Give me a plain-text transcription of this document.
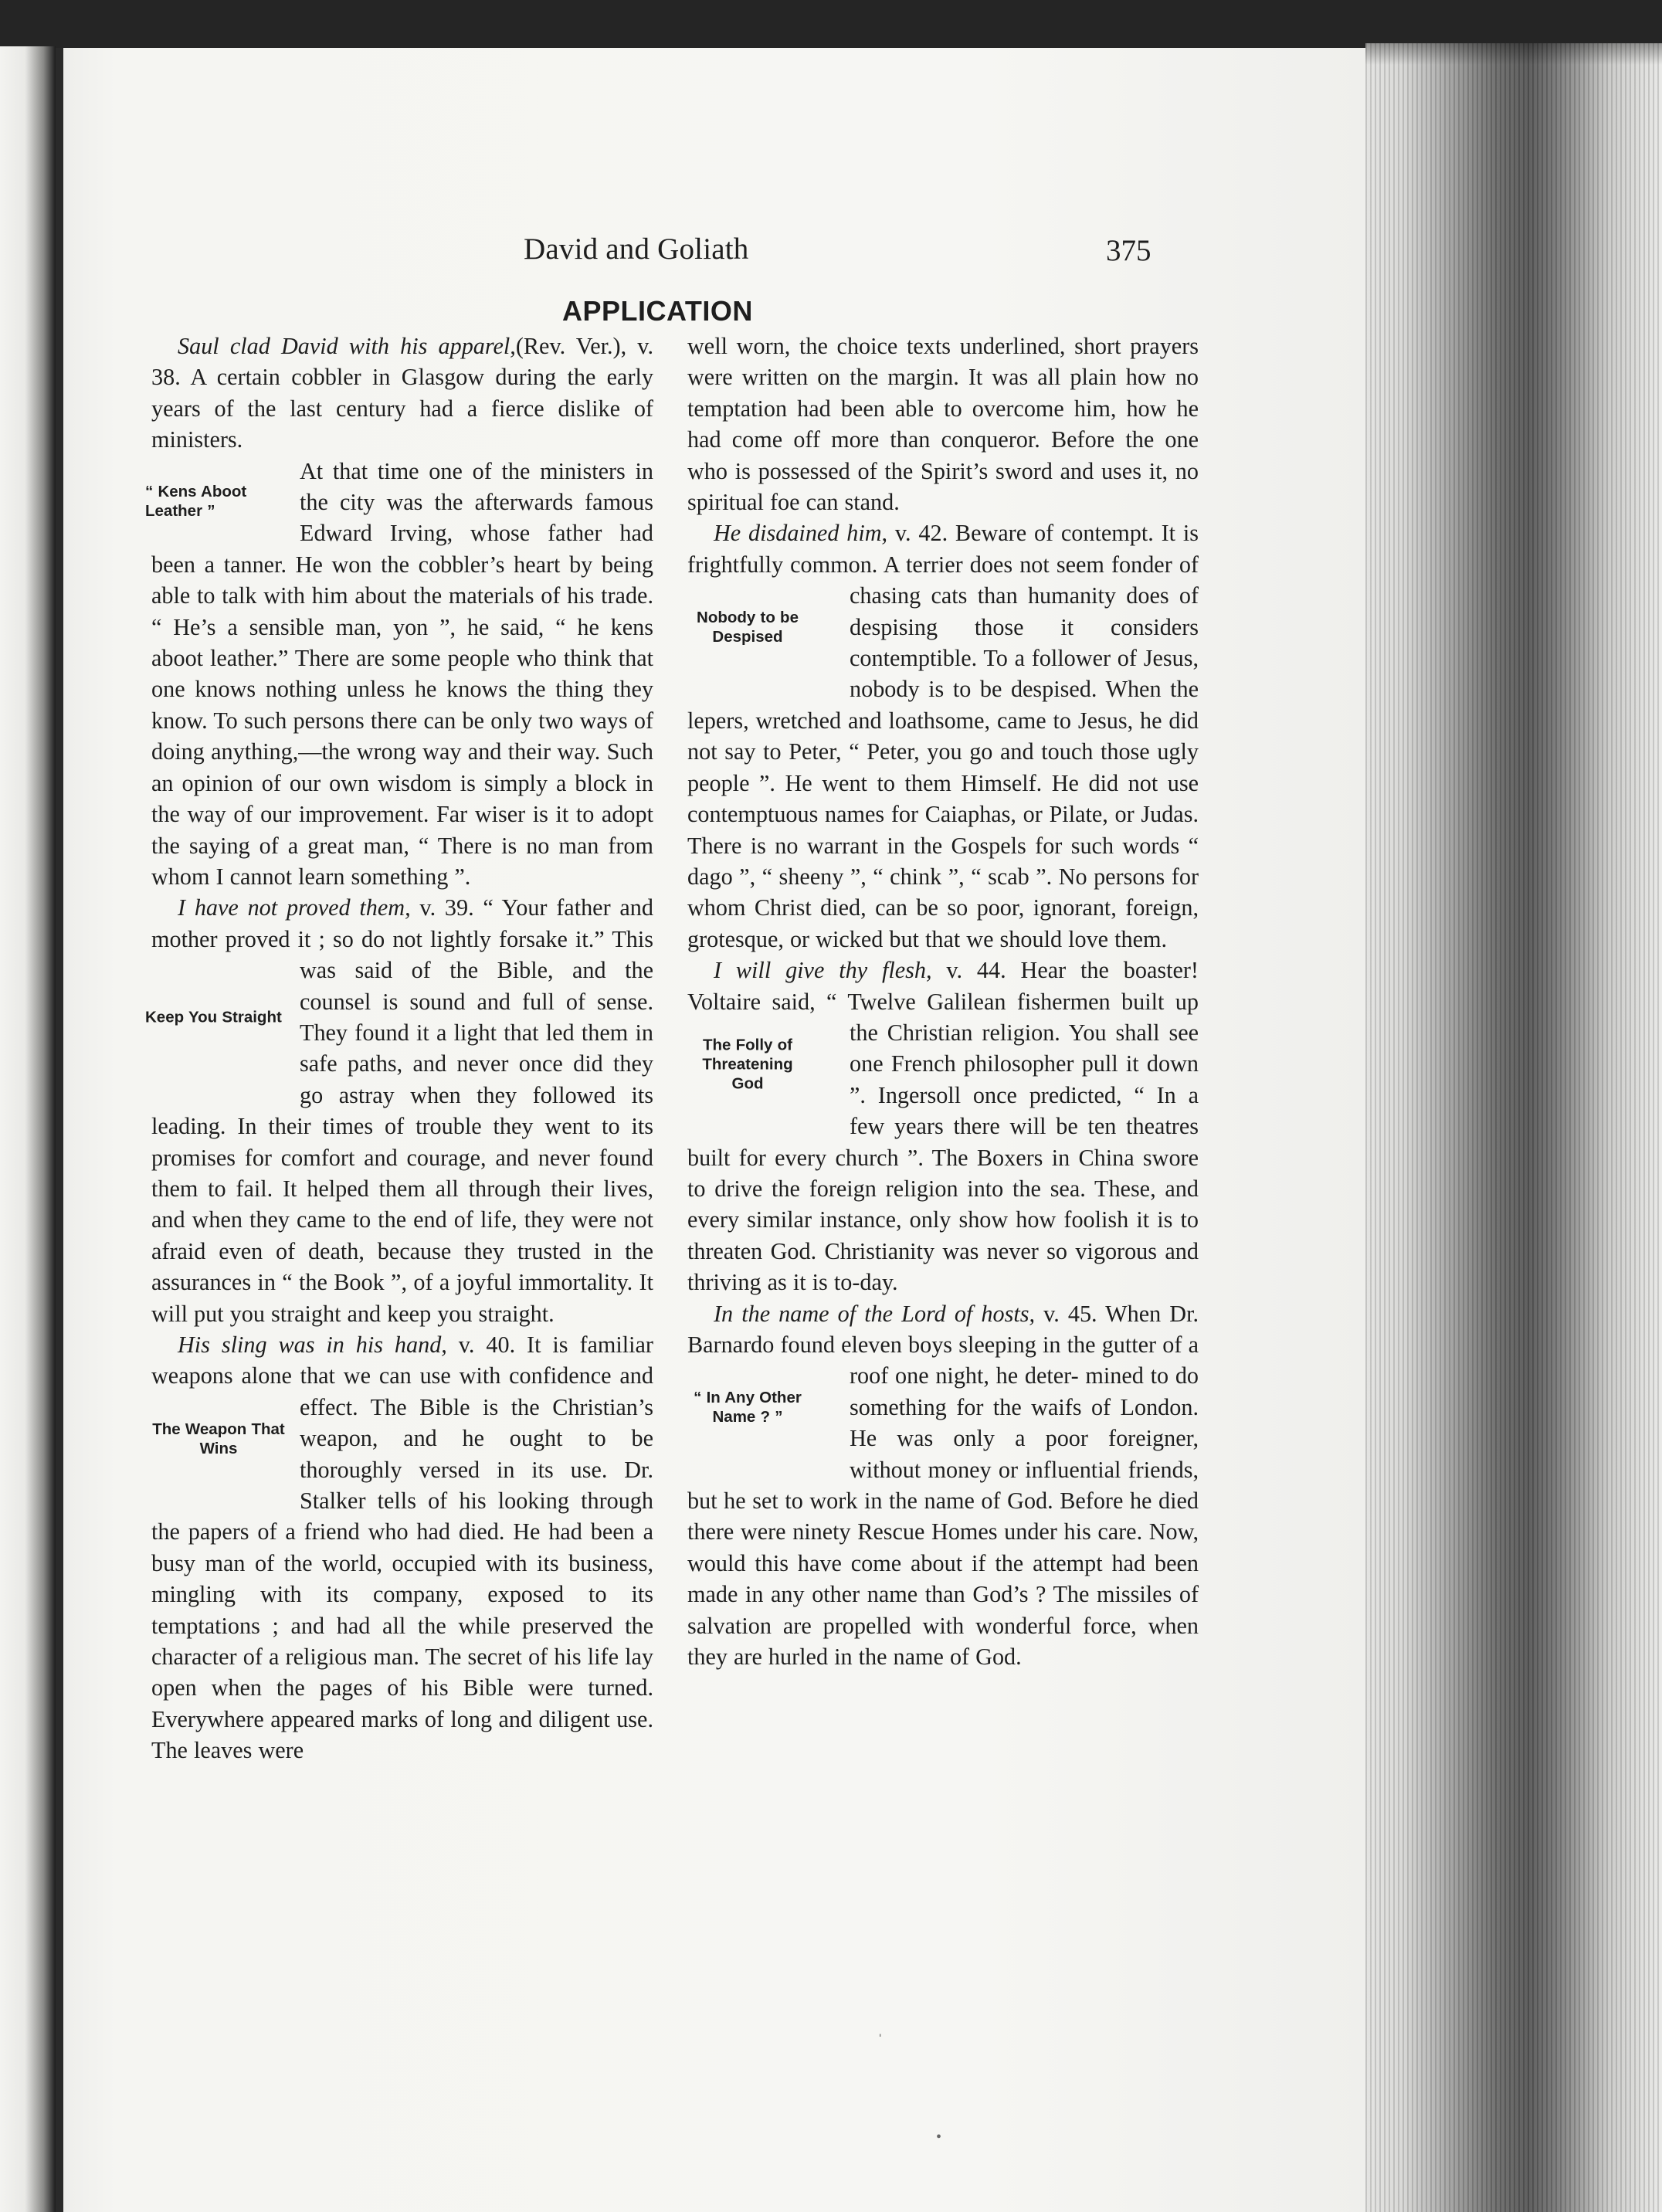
David and Goliath	375
APPLICATION

Saul clad David with his apparel,(Rev. Ver.), v. 38. A certain cobbler in Glasgow during the early years of the last century had a fierce dislike of ministers.

“ Kens Aboot Leather ”
At that time one of the ministers in the city was the afterwards famous Edward Irving, whose father had been a tanner. He won the cobbler’s heart by being able to talk with him about the materials of his trade. “ He’s a sensible man, yon ”, he said, “ he kens aboot leather.” There are some people who think that one knows nothing unless he knows the thing they know. To such persons there can be only two ways of doing anything,—the wrong way and their way. Such an opinion of our own wisdom is simply a block in the way of our improvement. Far wiser is it to adopt the saying of a great man, “ There is no man from whom I cannot learn something ”.

I have not proved them, v. 39. “ Your father and mother proved it ; so do not lightly forsake it.”
Keep You Straight
This was said of the Bible, and the counsel is sound and full of sense. They found it a light that led them in safe paths, and never once did they go astray when they followed its leading. In their times of trouble they went to its promises for comfort and courage, and never found them to fail. It helped them all through their lives, and when they came to the end of life, they were not afraid even of death, because they trusted in the assurances in “ the Book ”, of a joyful immortality. It will put you straight and keep you straight.

His sling was in his hand, v. 40. It is familiar weapons alone that we can use with confidence and effect. The Bible is the
The Weapon That Wins
Christian’s weapon, and he ought to be thoroughly versed in its use. Dr. Stalker tells of his looking through the papers of a friend who had died. He had been a busy man of the world, occupied with its business, mingling with its company, exposed to its temptations ; and had all the while preserved the character of a religious man. The secret of his life lay open when the pages of his Bible were turned. Everywhere appeared marks of long and diligent use. The leaves were

well worn, the choice texts underlined, short prayers were written on the margin. It was all plain how no temptation had been able to overcome him, how he had come off more than conqueror. Before the one who is possessed of the Spirit’s sword and uses it, no spiritual foe can stand.

He disdained him, v. 42. Beware of contempt. It is frightfully common. A terrier does not seem fonder of chasing cats than
Nobody to be Despised
humanity does of despising those it considers contemptible. To a follower of Jesus, nobody is to be despised. When the lepers, wretched and loathsome, came to Jesus, he did not say to Peter, “ Peter, you go and touch those ugly people ”. He went to them Himself. He did not use contemptuous names for Caiaphas, or Pilate, or Judas. There is no warrant in the Gospels for such words “ dago ”, “ sheeny ”, “ chink ”, “ scab ”. No persons for whom Christ died, can be so poor, ignorant, foreign, grotesque, or wicked but that we should love them.

I will give thy flesh, v. 44. Hear the boaster! Voltaire said, “ Twelve Galilean fishermen built up the Christian religion. You shall
The Folly of Threatening God
see one French philosopher pull it down ”. Ingersoll once predicted, “ In a few years there will be ten theatres built for every church ”. The Boxers in China swore to drive the foreign religion into the sea. These, and every similar instance, only show how foolish it is to threaten God. Christianity was never so vigorous and thriving as it is to-day.

In the name of the Lord of hosts, v. 45. When Dr. Barnardo found eleven boys sleeping in the gutter of a roof one night, he deter-
“ In Any Other Name ? ”
mined to do something for the waifs of London. He was only a poor foreigner, without money or influential friends, but he set to work in the name of God. Before he died there were ninety Rescue Homes under his care. Now, would this have come about if the attempt had been made in any other name than God’s ? The missiles of salvation are propelled with wonderful force, when they are hurled in the name of God.

ˌ
•
